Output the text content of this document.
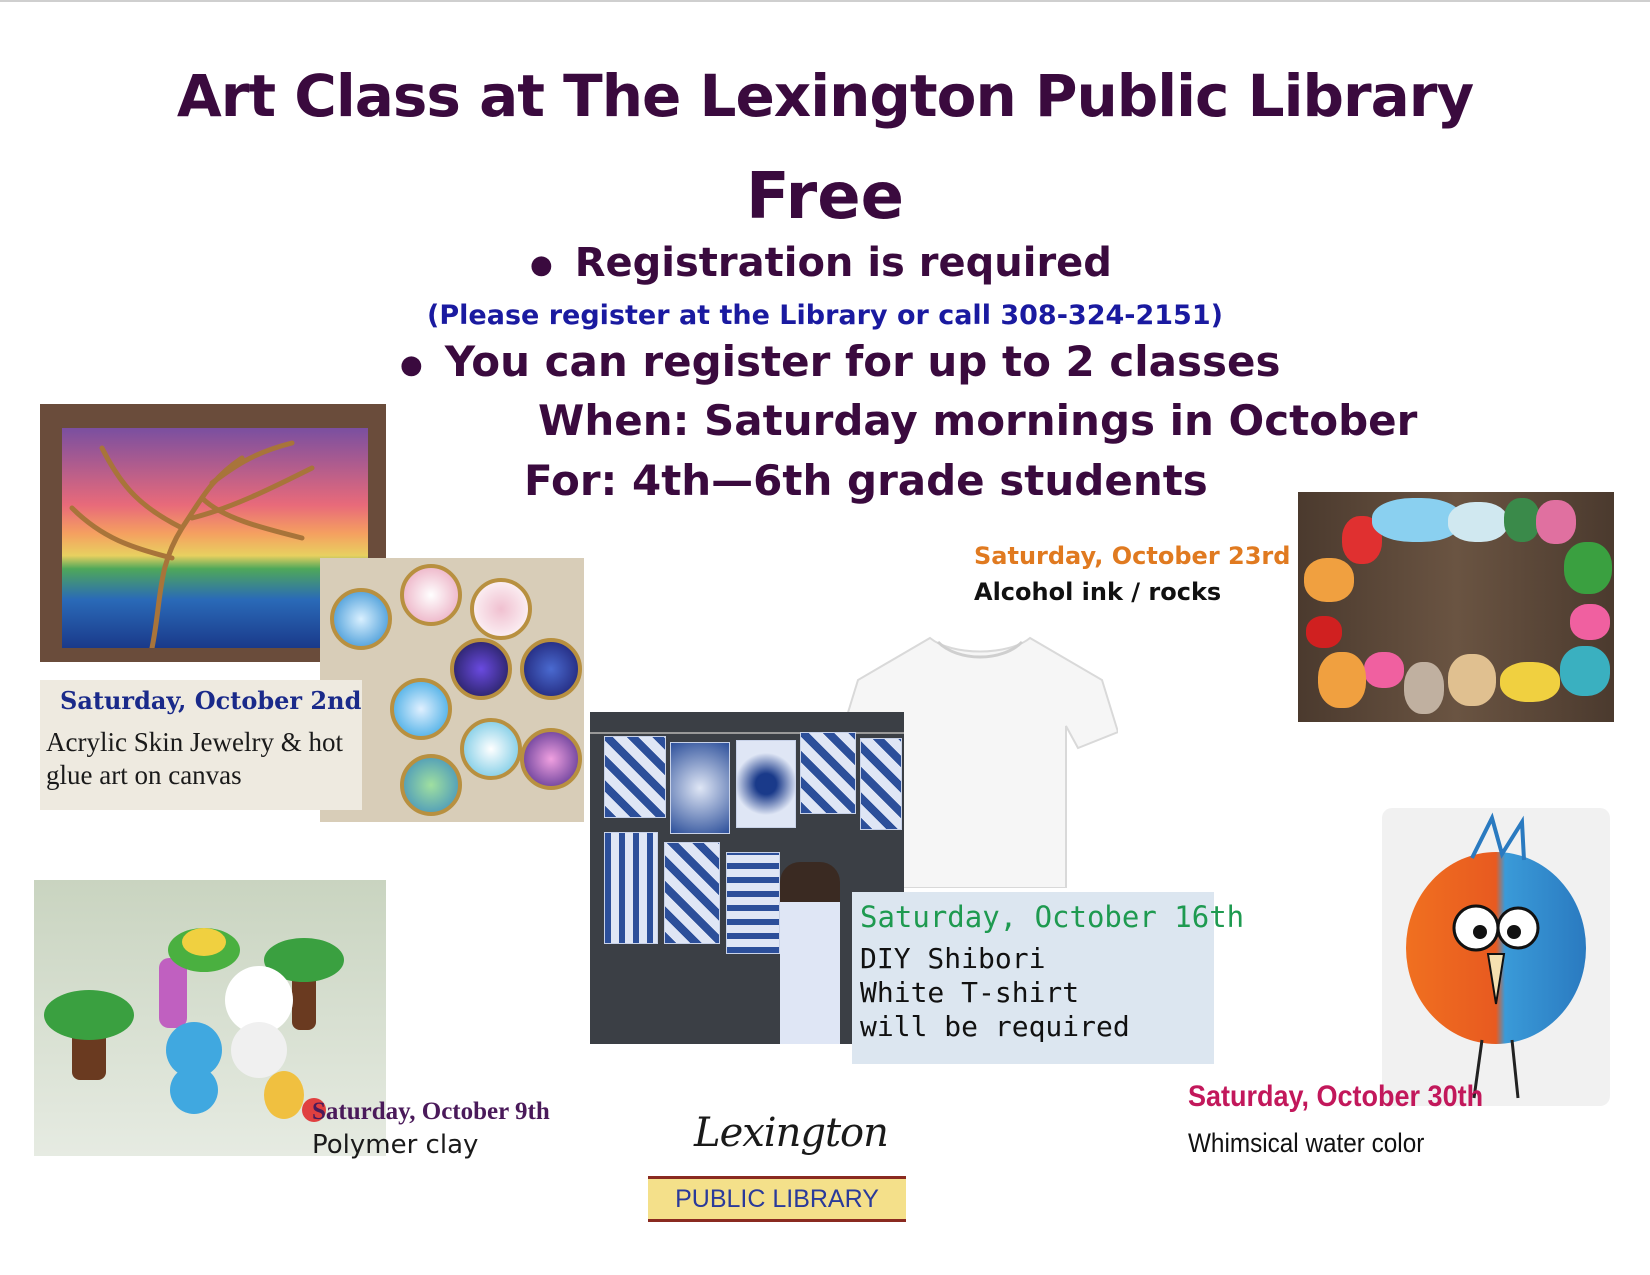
Art Class at The Lexington Public Library
Free
● Registration is required
(Please register at the Library or call 308-324-2151)
● You can register for up to 2 classes
When: Saturday mornings in October
For: 4th—6th grade students
Saturday, October 2nd
Acrylic Skin Jewelry & hot glue art on canvas
Saturday, October 9th
Polymer clay
Saturday, October 16th
DIY Shibori
White T-shirt
will be required
Saturday, October 23rd
Alcohol ink / rocks
Saturday, October 30th
Whimsical water color
Lexington
PUBLIC LIBRARY
